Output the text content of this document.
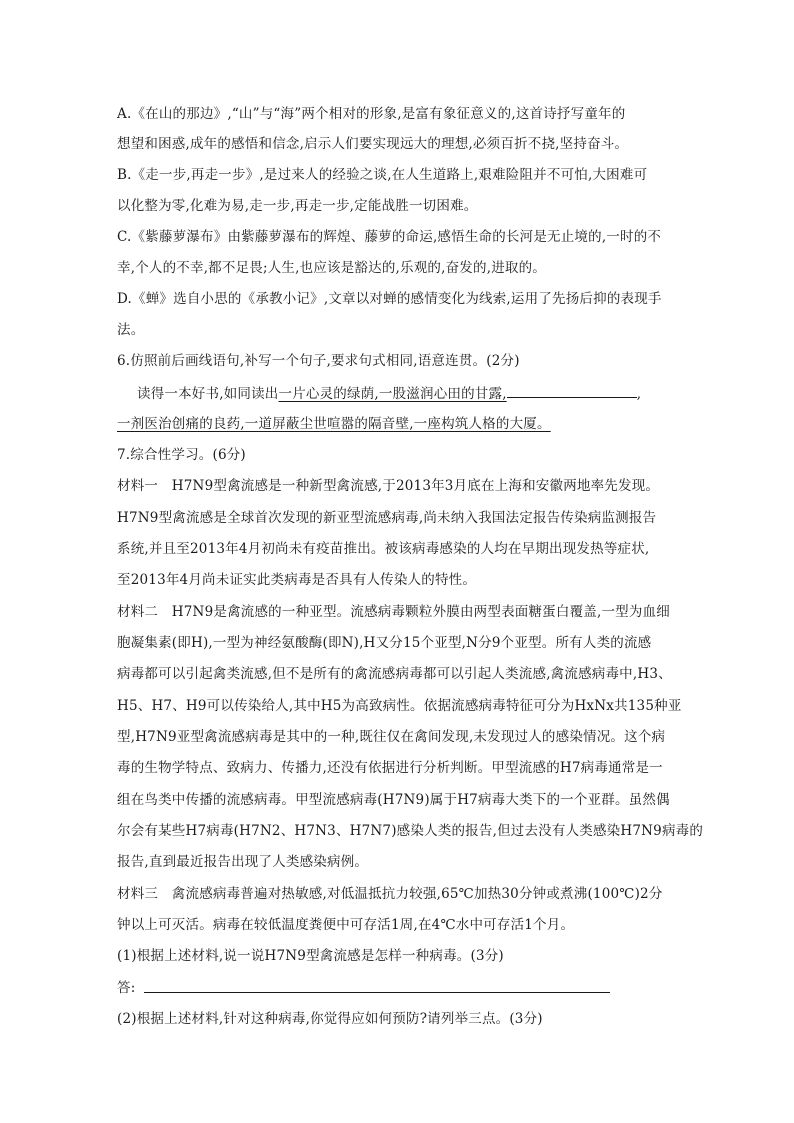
A.《在山的那边》,“山”与“海”两个相对的形象,是富有象征意义的,这首诗抒写童年的
想望和困惑,成年的感悟和信念,启示人们要实现远大的理想,必须百折不挠,坚持奋斗。
B.《走一步,再走一步》,是过来人的经验之谈,在人生道路上,艰难险阻并不可怕,大困难可
以化整为零,化难为易,走一步,再走一步,定能战胜一切困难。
C.《紫藤萝瀑布》由紫藤萝瀑布的辉煌、藤萝的命运,感悟生命的长河是无止境的,一时的不
幸,个人的不幸,都不足畏;人生,也应该是豁达的,乐观的,奋发的,进取的。
D.《蝉》选自小思的《承教小记》,文章以对蝉的感情变化为线索,运用了先扬后抑的表现手
法。
6.仿照前后画线语句,补写一个句子,要求句式相同,语意连贯。(2分)
读得一本好书,如同读出一片心灵的绿荫,一股滋润心田的甘露,	,
一剂医治创痛的良药,一道屏蔽尘世喧嚣的隔音壁,一座构筑人格的大厦。
7.综合性学习。(6分)
材料一　H7N9型禽流感是一种新型禽流感,于2013年3月底在上海和安徽两地率先发现。
H7N9型禽流感是全球首次发现的新亚型流感病毒,尚未纳入我国法定报告传染病监测报告
系统,并且至2013年4月初尚未有疫苗推出。被该病毒感染的人均在早期出现发热等症状,
至2013年4月尚未证实此类病毒是否具有人传染人的特性。
材料二　H7N9是禽流感的一种亚型。流感病毒颗粒外膜由两型表面糖蛋白覆盖,一型为血细
胞凝集素(即H),一型为神经氨酸酶(即N),H又分15个亚型,N分9个亚型。所有人类的流感
病毒都可以引起禽类流感,但不是所有的禽流感病毒都可以引起人类流感,禽流感病毒中,H3、
H5、H7、H9可以传染给人,其中H5为高致病性。依据流感病毒特征可分为HxNx共135种亚
型,H7N9亚型禽流感病毒是其中的一种,既往仅在禽间发现,未发现过人的感染情况。这个病
毒的生物学特点、致病力、传播力,还没有依据进行分析判断。甲型流感的H7病毒通常是一
组在鸟类中传播的流感病毒。甲型流感病毒(H7N9)属于H7病毒大类下的一个亚群。虽然偶
尔会有某些H7病毒(H7N2、H7N3、H7N7)感染人类的报告,但过去没有人类感染H7N9病毒的
报告,直到最近报告出现了人类感染病例。
材料三　禽流感病毒普遍对热敏感,对低温抵抗力较强,65℃加热30分钟或煮沸(100℃)2分
钟以上可灭活。病毒在较低温度粪便中可存活1周,在4℃水中可存活1个月。
(1)根据上述材料,说一说H7N9型禽流感是怎样一种病毒。(3分)
答:
(2)根据上述材料,针对这种病毒,你觉得应如何预防?请列举三点。(3分)
